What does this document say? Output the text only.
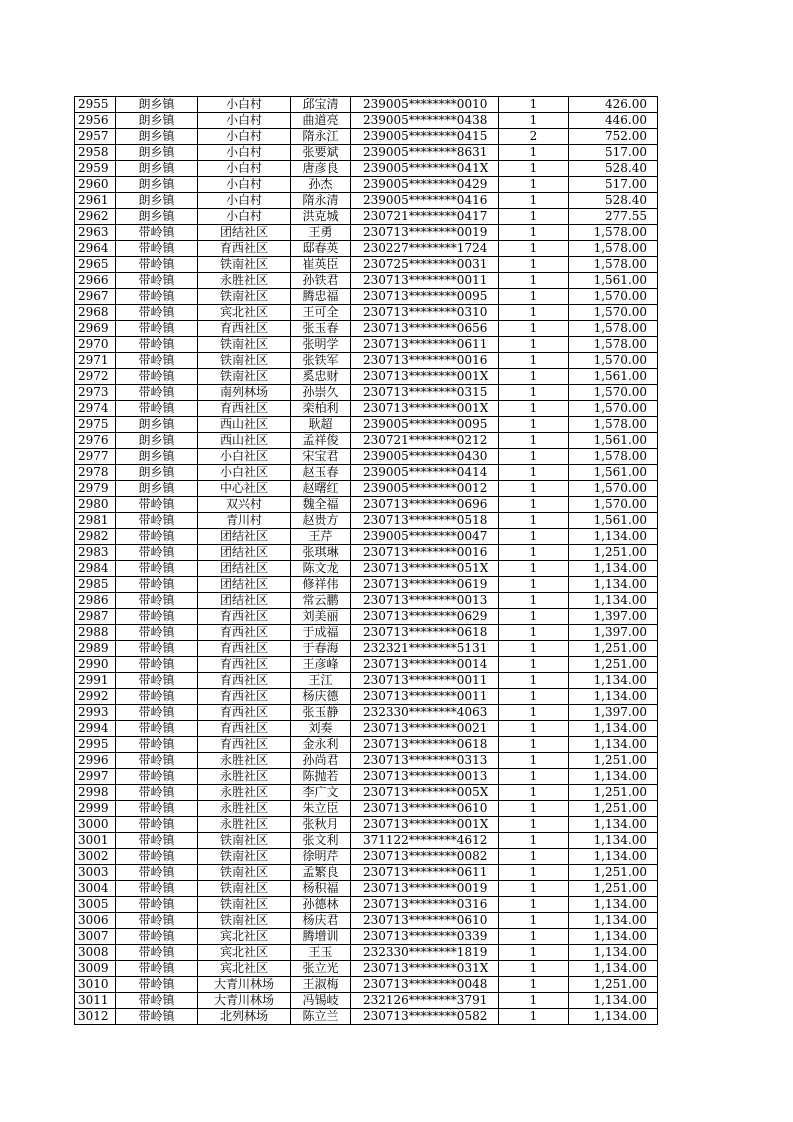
2955	朗乡镇	小白村	邱宝清	239005********0010	1	426.00
2956	朗乡镇	小白村	曲道亮	239005********0438	1	446.00
2957	朗乡镇	小白村	隋永江	239005********0415	2	752.00
2958	朗乡镇	小白村	张要斌	239005********8631	1	517.00
2959	朗乡镇	小白村	唐彦良	239005********041X	1	528.40
2960	朗乡镇	小白村	孙杰	239005********0429	1	517.00
2961	朗乡镇	小白村	隋永清	239005********0416	1	528.40
2962	朗乡镇	小白村	洪克城	230721********0417	1	277.55
2963	带岭镇	团结社区	王勇	230713********0019	1	1,578.00
2964	带岭镇	育西社区	邸春英	230227********1724	1	1,578.00
2965	带岭镇	铁南社区	崔英臣	230725********0031	1	1,578.00
2966	带岭镇	永胜社区	孙铁君	230713********0011	1	1,561.00
2967	带岭镇	铁南社区	腾忠福	230713********0095	1	1,570.00
2968	带岭镇	宾北社区	王可全	230713********0310	1	1,570.00
2969	带岭镇	育西社区	张玉春	230713********0656	1	1,578.00
2970	带岭镇	铁南社区	张明学	230713********0611	1	1,578.00
2971	带岭镇	铁南社区	张铁军	230713********0016	1	1,570.00
2972	带岭镇	铁南社区	奚忠财	230713********001X	1	1,561.00
2973	带岭镇	南列林场	孙崇久	230713********0315	1	1,570.00
2974	带岭镇	育西社区	栾柏利	230713********001X	1	1,570.00
2975	朗乡镇	西山社区	耿超	239005********0095	1	1,578.00
2976	朗乡镇	西山社区	孟祥俊	230721********0212	1	1,561.00
2977	朗乡镇	小白社区	宋宝君	239005********0430	1	1,578.00
2978	朗乡镇	小白社区	赵玉春	239005********0414	1	1,561.00
2979	朗乡镇	中心社区	赵曙红	239005********0012	1	1,570.00
2980	带岭镇	双兴村	魏全福	230713********0696	1	1,570.00
2981	带岭镇	青川村	赵贵方	230713********0518	1	1,561.00
2982	带岭镇	团结社区	王芹	239005********0047	1	1,134.00
2983	带岭镇	团结社区	张琪琳	230713********0016	1	1,251.00
2984	带岭镇	团结社区	陈文龙	230713********051X	1	1,134.00
2985	带岭镇	团结社区	修祥伟	230713********0619	1	1,134.00
2986	带岭镇	团结社区	常云鹏	230713********0013	1	1,134.00
2987	带岭镇	育西社区	刘美丽	230713********0629	1	1,397.00
2988	带岭镇	育西社区	于成福	230713********0618	1	1,397.00
2989	带岭镇	育西社区	于春海	232321********5131	1	1,251.00
2990	带岭镇	育西社区	王彦峰	230713********0014	1	1,251.00
2991	带岭镇	育西社区	王江	230713********0011	1	1,134.00
2992	带岭镇	育西社区	杨庆德	230713********0011	1	1,134.00
2993	带岭镇	育西社区	张玉静	232330********4063	1	1,397.00
2994	带岭镇	育西社区	刘奏	230713********0021	1	1,134.00
2995	带岭镇	育西社区	金永利	230713********0618	1	1,134.00
2996	带岭镇	永胜社区	孙尚君	230713********0313	1	1,251.00
2997	带岭镇	永胜社区	陈抛若	230713********0013	1	1,134.00
2998	带岭镇	永胜社区	李广文	230713********005X	1	1,251.00
2999	带岭镇	永胜社区	朱立臣	230713********0610	1	1,251.00
3000	带岭镇	永胜社区	张秋月	230713********001X	1	1,134.00
3001	带岭镇	铁南社区	张文利	371122********4612	1	1,134.00
3002	带岭镇	铁南社区	徐明芹	230713********0082	1	1,134.00
3003	带岭镇	铁南社区	孟繁良	230713********0611	1	1,251.00
3004	带岭镇	铁南社区	杨积福	230713********0019	1	1,251.00
3005	带岭镇	铁南社区	孙德林	230713********0316	1	1,134.00
3006	带岭镇	铁南社区	杨庆君	230713********0610	1	1,134.00
3007	带岭镇	宾北社区	腾增训	230713********0339	1	1,134.00
3008	带岭镇	宾北社区	王玉	232330********1819	1	1,134.00
3009	带岭镇	宾北社区	张立光	230713********031X	1	1,134.00
3010	带岭镇	大青川林场	王淑梅	230713********0048	1	1,251.00
3011	带岭镇	大青川林场	冯锡岐	232126********3791	1	1,134.00
3012	带岭镇	北列林场	陈立兰	230713********0582	1	1,134.00
